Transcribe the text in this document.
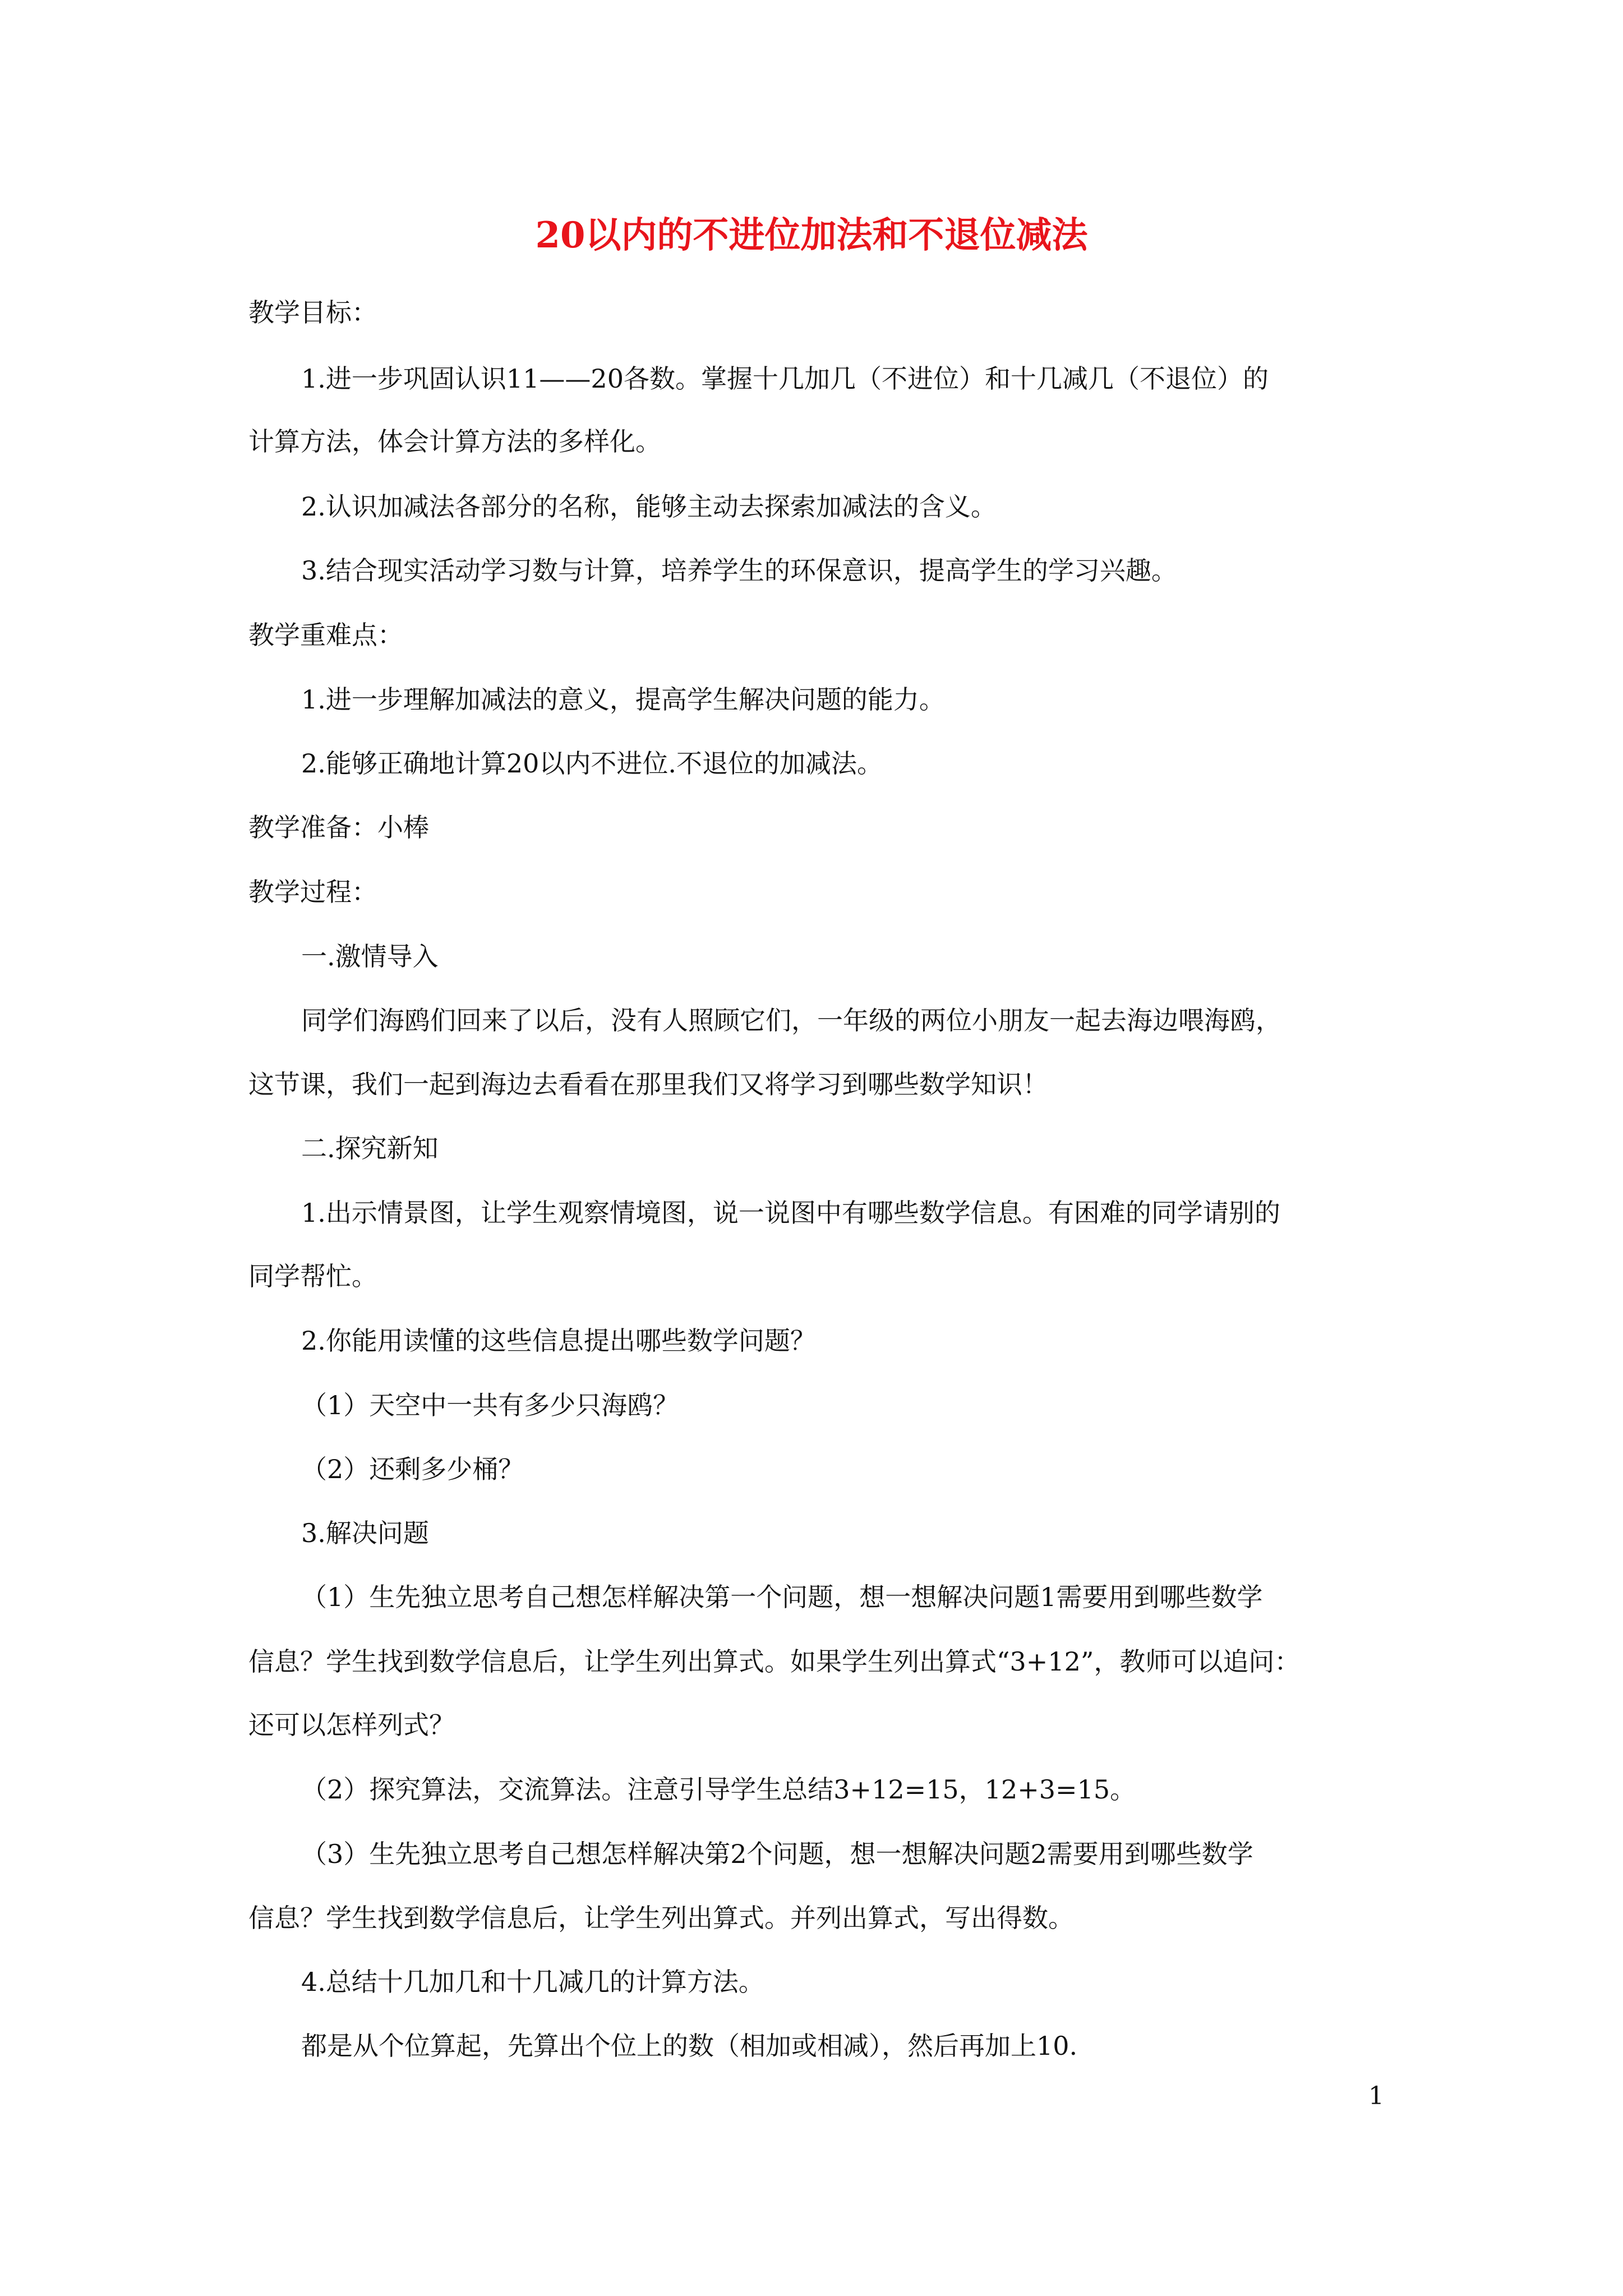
20以内的不进位加法和不退位减法
教学目标：
1.进一步巩固认识11——20各数。掌握十几加几（不进位）和十几减几（不退位）的
计算方法，体会计算方法的多样化。
2.认识加减法各部分的名称，能够主动去探索加减法的含义。
3.结合现实活动学习数与计算，培养学生的环保意识，提高学生的学习兴趣。
教学重难点：
1.进一步理解加减法的意义，提高学生解决问题的能力。
2.能够正确地计算20以内不进位.不退位的加减法。
教学准备：小棒
教学过程：
一.激情导入
同学们海鸥们回来了以后，没有人照顾它们，一年级的两位小朋友一起去海边喂海鸥，
这节课，我们一起到海边去看看在那里我们又将学习到哪些数学知识！
二.探究新知
1.出示情景图，让学生观察情境图，说一说图中有哪些数学信息。有困难的同学请别的
同学帮忙。
2.你能用读懂的这些信息提出哪些数学问题？
（1）天空中一共有多少只海鸥？
（2）还剩多少桶？
3.解决问题
（1）生先独立思考自己想怎样解决第一个问题，想一想解决问题1需要用到哪些数学
信息？学生找到数学信息后，让学生列出算式。如果学生列出算式“3+12”，教师可以追问：
还可以怎样列式？
（2）探究算法，交流算法。注意引导学生总结3+12=15，12+3=15。
（3）生先独立思考自己想怎样解决第2个问题，想一想解决问题2需要用到哪些数学
信息？学生找到数学信息后，让学生列出算式。并列出算式，写出得数。
4.总结十几加几和十几减几的计算方法。
都是从个位算起，先算出个位上的数（相加或相减），然后再加上10.
1
